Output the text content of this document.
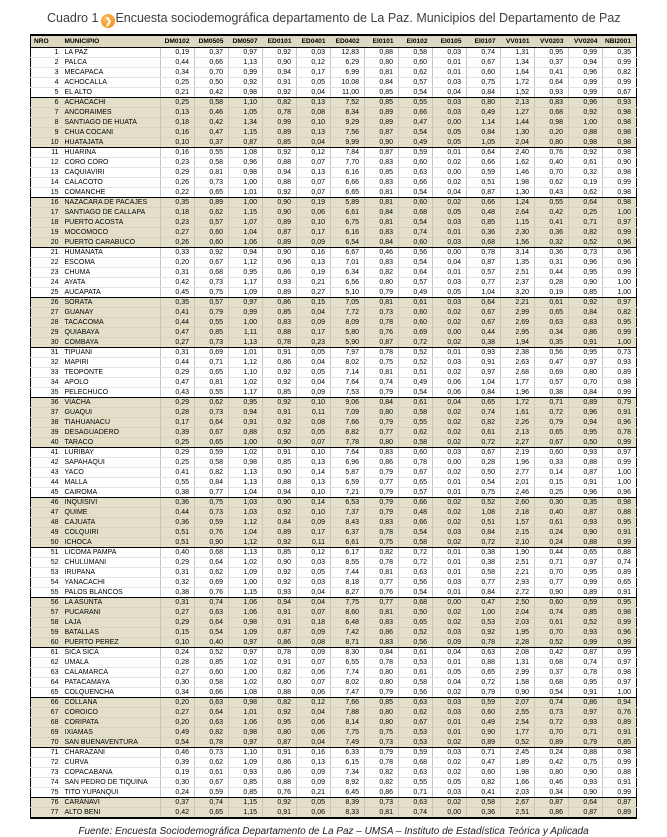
Cuadro 1 ❯ Encuesta sociodemográfica departamento de La Paz. Municipios del Departamento de Paz
NRO	MUNICIPIO	DM0102	DM0505	DM0507	ED0101	ED0401	ED0402	EI0101	EI0102	EI0105	EI0107	VV0101	VV0203	VV0204	NBI2001
1	LA PAZ	0,19	0,37	0,97	0,92	0,03	12,83	0,88	0,58	0,03	0,74	1,31	0,95	0,99	0,35
2	PALCA	0,44	0,66	1,13	0,90	0,12	6,29	0,80	0,60	0,01	0,67	1,34	0,37	0,94	0,99
3	MECAPACA	0,34	0,70	0,99	0,94	0,17	6,99	0,81	0,62	0,01	0,60	1,64	0,41	0,96	0,82
4	ACHOCALLA	0,25	0,50	0,92	0,91	0,05	10,08	0,84	0,57	0,03	0,75	1,72	0,64	0,99	0,99
5	EL ALTO	0,21	0,42	0,98	0,92	0,04	11,00	0,85	0,54	0,04	0,84	1,52	0,93	0,99	0,67
6	ACHACACHI	0,25	0,58	1,10	0,82	0,13	7,52	0,85	0,55	0,03	0,80	2,13	0,83	0,96	0,93
7	ANCORAIMES	0,13	0,46	1,05	0,78	0,08	8,34	0,89	0,66	0,03	0,49	1,27	0,68	0,92	0,98
8	SANTIAGO DE HUATA	0,18	0,42	1,34	0,99	0,10	9,29	0,89	0,47	0,00	1,14	1,44	0,98	1,00	0,98
9	CHUA COCANI	0,16	0,47	1,15	0,89	0,13	7,56	0,87	0,54	0,05	0,84	1,30	0,20	0,88	0,98
10	HUATAJATA	0,10	0,37	0,87	0,85	0,04	9,99	0,90	0,49	0,05	1,05	2,04	0,80	0,98	0,98
11	HUARINA	0,16	0,55	1,08	0,92	0,12	7,84	0,87	0,59	0,01	0,64	2,40	0,76	0,92	0,98
12	CORO CORO	0,23	0,58	0,96	0,88	0,07	7,70	0,83	0,60	0,02	0,66	1,62	0,40	0,61	0,90
13	CAQUIAVIRI	0,29	0,81	0,98	0,94	0,13	6,16	0,85	0,63	0,00	0,59	1,46	0,70	0,32	0,98
14	CALACOTO	0,26	0,73	1,00	0,88	0,07	6,66	0,83	0,66	0,02	0,51	1,98	0,62	0,19	0,99
15	COMANCHE	0,22	0,65	1,01	0,92	0,07	6,65	0,81	0,54	0,04	0,87	1,30	0,43	0,62	0,98
16	NAZACARA DE PACAJES	0,35	0,89	1,00	0,90	0,19	5,89	0,81	0,60	0,02	0,66	1,24	0,55	0,64	0,98
17	SANTIAGO DE CALLAPA	0,18	0,62	1,15	0,90	0,06	6,61	0,84	0,68	0,05	0,48	2,64	0,42	0,25	1,00
18	PUERTO ACOSTA	0,23	0,57	1,07	0,89	0,10	6,75	0,81	0,54	0,03	0,85	1,15	0,41	0,71	0,97
19	MOCOMOCO	0,27	0,60	1,04	0,87	0,17	6,16	0,83	0,74	0,01	0,36	2,30	0,36	0,82	0,99
20	PUERTO CARABUCO	0,26	0,60	1,06	0,89	0,09	6,54	0,84	0,60	0,03	0,68	1,56	0,32	0,52	0,96
21	HUMANATA	0,33	0,92	0,94	0,90	0,16	6,67	0,46	0,56	0,00	0,78	3,14	0,36	0,73	0,96
22	ESCOMA	0,20	0,67	1,12	0,96	0,13	7,01	0,83	0,54	0,04	0,87	1,35	0,31	0,96	0,96
23	CHUMA	0,31	0,68	0,95	0,86	0,19	6,34	0,82	0,64	0,01	0,57	2,51	0,44	0,95	0,99
24	AYATA	0,42	0,73	1,17	0,93	0,21	6,56	0,80	0,57	0,03	0,77	2,37	0,28	0,90	1,00
25	AUCAPATA	0,45	0,75	1,09	0,89	0,27	5,10	0,79	0,49	0,05	1,04	3,20	0,19	0,85	1,00
26	SORATA	0,35	0,57	0,97	0,86	0,15	7,05	0,81	0,61	0,03	0,64	2,21	0,61	0,92	0,97
27	GUANAY	0,41	0,79	0,99	0,85	0,04	7,72	0,73	0,60	0,02	0,67	2,99	0,65	0,84	0,82
28	TACACOMA	0,44	0,55	1,00	0,83	0,09	8,09	0,78	0,60	0,02	0,67	2,69	0,63	0,83	0,95
29	QUIABAYA	0,47	0,85	1,11	0,88	0,17	5,80	0,76	0,69	0,00	0,44	2,95	0,34	0,86	0,99
30	COMBAYA	0,27	0,73	1,13	0,78	0,23	5,90	0,87	0,72	0,02	0,38	1,94	0,35	0,91	1,00
31	TIPUANI	0,31	0,69	1,01	0,91	0,05	7,97	0,78	0,52	0,01	0,93	2,38	0,56	0,95	0,73
32	MAPIRI	0,44	0,71	1,12	0,86	0,04	8,02	0,75	0,52	0,03	0,91	2,63	0,47	0,97	0,93
33	TEOPONTE	0,29	0,65	1,10	0,92	0,05	7,14	0,81	0,51	0,02	0,97	2,68	0,69	0,80	0,89
34	APOLO	0,47	0,81	1,02	0,92	0,04	7,64	0,74	0,49	0,06	1,04	1,77	0,57	0,70	0,98
35	PELECHUCO	0,43	0,55	1,17	0,85	0,09	7,53	0,79	0,54	0,06	0,84	1,96	0,38	0,84	0,99
36	VIACHA	0,29	0,62	0,95	0,92	0,10	9,06	0,84	0,61	0,04	0,65	1,72	0,71	0,89	0,79
37	GUAQUI	0,28	0,73	0,94	0,91	0,11	7,09	0,80	0,58	0,02	0,74	1,61	0,72	0,96	0,91
38	TIAHUANACU	0,17	0,64	0,91	0,92	0,08	7,66	0,79	0,55	0,02	0,82	2,26	0,79	0,94	0,96
39	DESAGUADERO	0,39	0,67	0,88	0,92	0,05	8,82	0,77	0,62	0,02	0,61	2,13	0,65	0,95	0,78
40	TARACO	0,25	0,65	1,00	0,90	0,07	7,78	0,80	0,58	0,02	0,72	2,27	0,67	0,50	0,99
41	LURIBAY	0,29	0,59	1,02	0,91	0,10	7,64	0,83	0,60	0,03	0,67	2,19	0,60	0,93	0,97
42	SAPAHAQUI	0,25	0,58	0,98	0,85	0,13	6,96	0,86	0,78	0,00	0,28	1,96	0,33	0,88	0,99
43	YACO	0,41	0,82	1,13	0,90	0,14	5,87	0,79	0,67	0,02	0,50	2,77	0,14	0,87	1,00
44	MALLA	0,55	0,84	1,13	0,88	0,13	6,59	0,77	0,65	0,01	0,54	2,01	0,15	0,91	1,00
45	CAIROMA	0,38	0,77	1,04	0,94	0,10	7,21	0,79	0,57	0,01	0,75	2,46	0,25	0,96	0,96
46	INQUISIVI	0,36	0,75	1,03	0,90	0,14	6,53	0,79	0,66	0,02	0,52	2,60	0,30	0,35	0,98
47	QUIME	0,44	0,73	1,03	0,92	0,10	7,37	0,79	0,48	0,02	1,08	2,18	0,40	0,87	0,88
48	CAJUATA	0,36	0,59	1,12	0,84	0,09	8,43	0,83	0,66	0,02	0,51	1,57	0,61	0,93	0,95
49	COLQUIRI	0,51	0,76	1,04	0,89	0,17	6,37	0,78	0,54	0,03	0,84	2,15	0,24	0,90	0,91
50	ICHOCA	0,51	0,90	1,12	0,92	0,11	6,61	0,75	0,58	0,02	0,72	2,10	0,24	0,88	0,99
51	LICOMA PAMPA	0,40	0,68	1,13	0,85	0,12	6,17	0,82	0,72	0,01	0,38	1,90	0,44	0,65	0,88
52	CHULUMANI	0,29	0,64	1,02	0,90	0,03	8,55	0,78	0,72	0,01	0,38	2,51	0,71	0,97	0,74
53	IRUPANA	0,31	0,62	1,09	0,92	0,05	7,44	0,81	0,63	0,01	0,58	2,21	0,70	0,95	0,89
54	YANACACHI	0,32	0,69	1,00	0,92	0,03	8,18	0,77	0,56	0,03	0,77	2,93	0,77	0,99	0,65
55	PALOS BLANCOS	0,38	0,76	1,15	0,93	0,04	8,27	0,76	0,54	0,01	0,84	2,72	0,90	0,89	0,91
56	LA ASUNTA	0,31	0,74	1,06	0,94	0,04	7,75	0,77	0,68	0,00	0,47	2,50	0,60	0,59	0,95
57	PUCARANI	0,27	0,63	1,06	0,91	0,07	8,60	0,81	0,50	0,02	1,00	2,04	0,74	0,85	0,98
58	LAJA	0,29	0,64	0,98	0,91	0,18	6,48	0,83	0,65	0,02	0,53	2,03	0,61	0,52	0,99
59	BATALLAS	0,15	0,54	1,09	0,87	0,09	7,42	0,86	0,52	0,03	0,92	1,95	0,70	0,93	0,96
60	PUERTO PEREZ	0,10	0,40	0,97	0,86	0,08	8,71	0,83	0,56	0,09	0,78	2,28	0,52	0,99	0,99
61	SICA SICA	0,24	0,52	0,97	0,78	0,09	8,30	0,84	0,61	0,04	0,63	2,08	0,42	0,87	0,99
62	UMALA	0,28	0,85	1,02	0,91	0,07	6,55	0,78	0,53	0,01	0,88	1,31	0,68	0,74	0,97
63	CALAMARCA	0,27	0,60	1,00	0,82	0,06	7,74	0,80	0,61	0,05	0,65	2,99	0,37	0,78	0,98
64	PATACAMAYA	0,30	0,58	1,02	0,80	0,07	8,02	0,80	0,58	0,04	0,72	1,58	0,68	0,95	0,97
65	COLQUENCHA	0,34	0,66	1,08	0,88	0,06	7,47	0,79	0,56	0,02	0,79	0,90	0,54	0,91	1,00
66	COLLANA	0,20	0,63	0,98	0,82	0,12	7,66	0,85	0,63	0,03	0,59	2,07	0,74	0,86	0,94
67	COROICO	0,27	0,64	1,01	0,92	0,04	7,88	0,80	0,62	0,03	0,60	2,55	0,73	0,97	0,76
68	CORIPATA	0,20	0,63	1,06	0,95	0,06	8,14	0,80	0,67	0,01	0,49	2,54	0,72	0,93	0,89
69	IXIAMAS	0,49	0,82	0,98	0,80	0,06	7,75	0,75	0,53	0,01	0,90	1,77	0,70	0,71	0,91
70	SAN BUENAVENTURA	0,54	0,78	0,97	0,87	0,04	7,49	0,73	0,53	0,02	0,89	0,52	0,89	0,79	0,85
71	CHARAZANI	0,46	0,73	1,10	0,91	0,16	6,33	0,79	0,59	0,03	0,71	2,45	0,24	0,88	0,98
72	CURVA	0,39	0,62	1,09	0,86	0,13	6,15	0,78	0,68	0,02	0,47	1,89	0,42	0,75	0,99
73	COPACABANA	0,19	0,61	0,93	0,86	0,09	7,34	0,82	0,63	0,02	0,60	1,98	0,80	0,90	0,88
74	SAN PEDRO DE TIQUINA	0,30	0,67	0,85	0,88	0,09	8,92	0,82	0,55	0,05	0,82	1,66	0,46	0,93	0,91
75	TITO YUPANQUI	0,24	0,59	0,85	0,76	0,21	6,45	0,86	0,71	0,03	0,41	2,03	0,34	0,90	0,99
76	CARANAVI	0,37	0,74	1,15	0,92	0,05	8,39	0,73	0,63	0,02	0,58	2,67	0,87	0,64	0,87
77	ALTO BENI	0,42	0,65	1,15	0,91	0,06	8,33	0,81	0,74	0,00	0,36	2,51	0,86	0,87	0,89
Fuente: Encuesta Sociodemográfica Departamento de La Paz – UMSA – Instituto de Estadística Teórica y Aplicada
